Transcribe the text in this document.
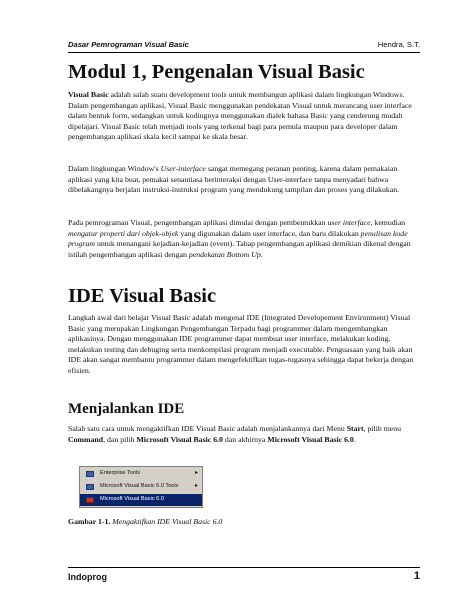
Dasar Pemrograman Visual Basic	Hendra, S.T.
Modul 1, Pengenalan Visual Basic

Visual Basic adalah salah suatu development tools untuk membangun aplikasi dalam lingkungan Windows. Dalam pengembangan aplikasi, Visual Basic menggunakan pendekatan Visual untuk merancang user interface dalam bentuk form, sedangkan untuk kodingnya menggunakan dialek bahasa Basic yang cenderung mudah dipelajari. Visual Basic telah menjadi tools yang terkenal bagi para pemula maupun para developer dalam pengembangan aplikasi skala kecil sampai ke skala besar.

Dalam lingkungan Window's User-interface sangat memegang peranan penting, karena dalam pemakaian aplikasi yang kita buat, pemakai senantiasa berinteraksi dengan User-interface tanpa menyadari bahwa dibelakangnya berjalan instruksi-instruksi program yang mendukung tampilan dan proses yang dilakukan.

Pada pemrograman Visual, pengembangan aplikasi dimulai dengan pembentukkan user interface, kemudian mengatur properti dari objek-objek yang digunakan dalam user interface, dan baru dilakukan penulisan kode program untuk menangani kejadian-kejadian (event). Tahap pengembangan aplikasi demikian dikenal dengan istilah pengembangan aplikasi dengan pendekatan Bottom Up.

IDE Visual Basic

Langkah awal dari belajar Visual Basic adalah mengenal IDE (Integrated Developement Environment) Visual Basic yang merupakan Lingkungan Pengembangan Terpadu bagi programmer dalam mengembangkan aplikasinya. Dengan menggunakan IDE programmer dapat membuat user interface, melakukan koding, melakukan testing dan debuging serta menkompilasi program menjadi executable. Penguasaan yang baik akan IDE akan sangat membantu programmer dalam mengefektifkan tugas-tugasnya sehingga dapat bekerja dengan efisien.

Menjalankan IDE

Salah satu cara untuk mengaktifkan IDE Visual Basic adalah menjalankannya dari Menu Start, pilih menu Command, dan pilih Microsoft Visual Basic 6.0 dan akhirnya Microsoft Visual Basic 6.0.

Enterprise Tools	▸
Microsoft Visual Basic 6.0 Tools	▸
Microsoft Visual Basic 6.0

Gambar 1-1. Mengaktifkan IDE Visual Basic 6.0

Indoprog	1
